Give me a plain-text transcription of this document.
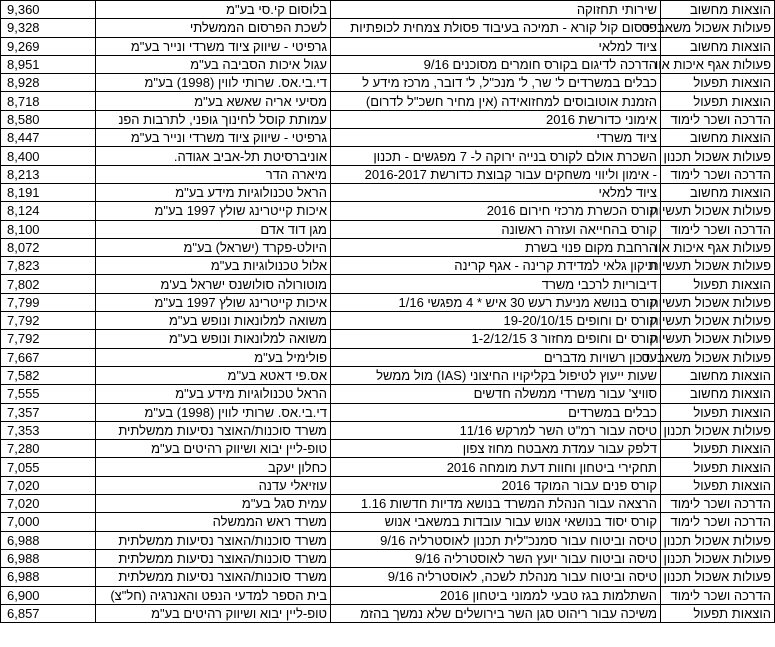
9,360	בלוסום קי.סי בע"מ	שירותי תחזוקה	הוצאות מחשוב
9,328	לשכת הפרסום הממשלתי	פרסום קול קורא - תמיכה בעיבוד פסולת צמחית לכופתיות	פעולות אשכול משאבי ט
9,269	גרפיטי - שיווק ציוד משרדי ונייר בע"מ	ציוד למלאי	הוצאות מחשוב
8,951	עגול איכות הסביבה בע"מ	הדרכה לדיגום בקורס חומרים מסוכנים 9/16	פעולות אגף איכות אוו
8,928	די.בי.אס. שרותי לווין (1998) בע"מ	כבלים במשרדים ל' שר, ל' מנכ"ל, ל' דובר, מרכז מידע ל	הוצאות תפעול
8,718	מסיעי אריה שאשא בע"מ	הזמנת אוטובוסים למחזואידה (אין מחיר חשכ"ל לדרום)	הוצאות תפעול
8,580	עמותת קוסל לחינוך גופני, לתרבות הפנ	אימוני כדורשת 2016	הדרכה ושכר לימוד
8,447	גרפיטי - שיווק ציוד משרדי ונייר בע"מ	ציוד משרדי	הוצאות מחשוב
8,400	אוניברסיטת תל-אביב אגודה.	השכרת אולם לקורס בנייה ירוקה ל- 7 מפגשים - תכנון	פעולות אשכול תכנון
8,213	מיארה הדר	- אימון וליווי משחקים עבור קבוצת כדורשת 2016-2017	הדרכה ושכר לימוד
8,191	הראל טכנולוגיות מידע בע"מ	ציוד למלאי	הוצאות מחשוב
8,124	איכות קייטרינג שולץ 1997 בע"מ	קורס הכשרת מרכזי חירום 2016	פעולות אשכול תעשיות
8,100	מגן דוד אדם	קורס בהחייאה ועזרה ראשונה	הדרכה ושכר לימוד
8,072	היולט-פקרד (ישראל) בע"מ	הרחבת מקום פנוי בשרת	פעולות אגף איכות אוו
7,823	אלול טכנולוגיות בע"מ	תיקון גלאי למדידת קרינה - אגף קרינה	פעולות אשכול תעשיות
7,802	מוטורולה סולושנס ישראל בע'מ	דיבוריות לרכבי משרד	הוצאות תפעול
7,799	איכות קייטרינג שולץ 1997 בע"מ	קורס בנושא מניעת רעש 30 איש * 4 מפגשי 1/16	פעולות אשכול תעשיות
7,792	משואה למלונאות ונופש בע"מ	קורס ים וחופים 19-20/10/15	פעולות אשכול תעשיות
7,792	משואה למלונאות ונופש בע"מ	קורס ים וחופים מחזור 3 1-2/12/15	פעולות אשכול תעשיות
7,667	פולימיל בע"מ	עדכון רשויות מדברים	פעולות אשכול משאבי ט
7,582	אס.פי דאטא בע"מ	שעות ייעוץ לטיפול בקליקויו החיצוני (IAS) מול ממשל	הוצאות מחשוב
7,555	הראל טכנולוגיות מידע בע"מ	סוויצ' עבור משרדי ממשלה חדשים	הוצאות מחשוב
7,357	די.בי.אס. שרותי לווין (1998) בע"מ	כבלים במשרדים	הוצאות תפעול
7,353	משרד סוכנות/האוצר נסיעות ממשלתית	טיסה עבור רמ"ט השר למרקש 11/16	פעולות אשכול תכנון
7,280	טופ-ליין יבוא ושיווק רהיטים בע"מ	דלפק עבור עמדת מאבטח מחוז צפון	הוצאות תפעול
7,055	כחלון יעקב	תחקירי ביטחון וחוות דעת מומחה 2016	הוצאות תפעול
7,020	עוזיאלי עדנה	קורס פנים עבור המוקד 2016	הוצאות תפעול
7,020	עמית סגל בע"מ	הרצאה עבור הנהלת המשרד בנושא מדיות חדשות 1.16	הדרכה ושכר לימוד
7,000	משרד ראש הממשלה	קורס יסוד בנושאי אנוש עבור עובדות במשאבי אנוש	הדרכה ושכר לימוד
6,988	משרד סוכנות/האוצר נסיעות ממשלתית	טיסה וביטוח עבור סמנכ"לית תכנון לאוסטרליה 9/16	פעולות אשכול תכנון
6,988	משרד סוכנות/האוצר נסיעות ממשלתית	טיסה וביטוח עבור יועץ השר לאוסטרליה 9/16	פעולות אשכול תכנון
6,988	משרד סוכנות/האוצר נסיעות ממשלתית	טיסה וביטוח עבור מנהלת לשכה, לאוסטרליה 9/16	פעולות אשכול תכנון
6,900	בית הספר למדעי הנפט והאנרגיה (חל"צ)	השתלמות בגז טבעי לממוני ביטחון 2016	הדרכה ושכר לימוד
6,857	טופ-ליין יבוא ושיווק רהיטים בע"מ	משיכה עבור ריהוט סגן השר בירושלים שלא נמשך בהזמ	הוצאות תפעול
